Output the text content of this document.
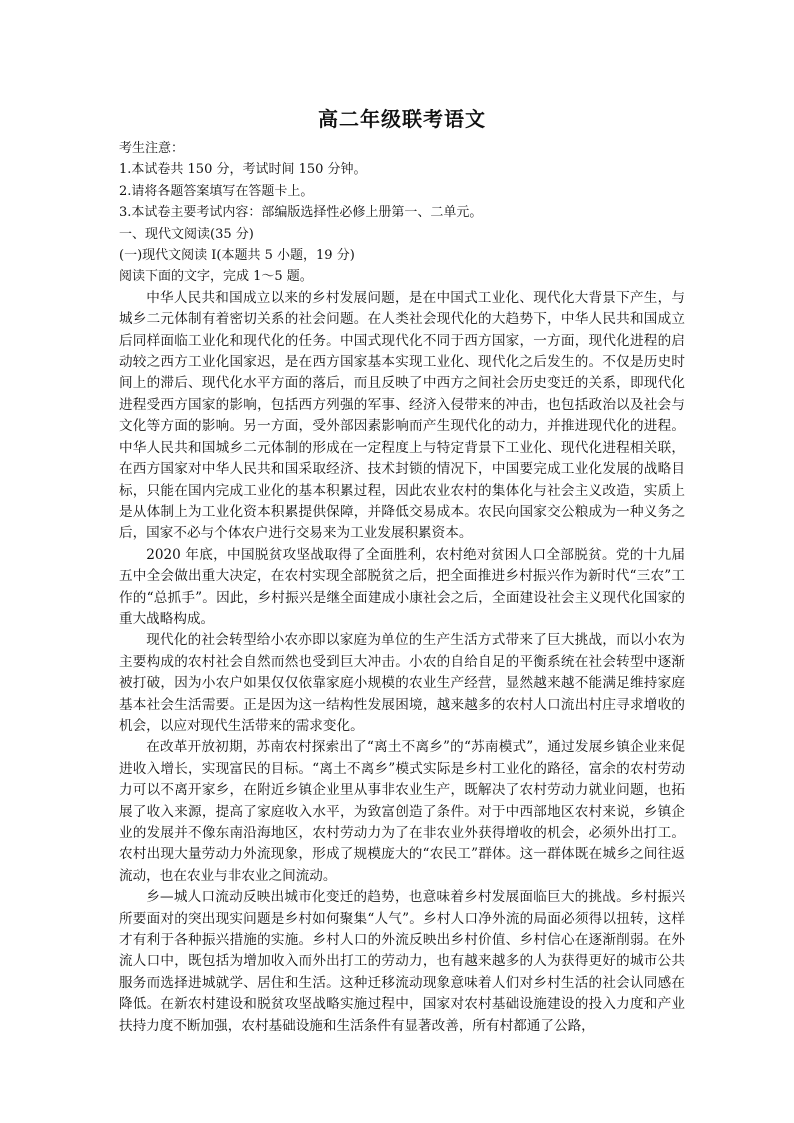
高二年级联考语文

考生注意：

1.本试卷共 150 分，考试时间 150 分钟。

2.请将各题答案填写在答题卡上。

3.本试卷主要考试内容：部编版选择性必修上册第一、二单元。

一、现代文阅读(35 分)

(一)现代文阅读 I(本题共 5 小题，19 分)

阅读下面的文字，完成 1～5 题。

中华人民共和国成立以来的乡村发展问题，是在中国式工业化、现代化大背景下产生，与城乡二元体制有着密切关系的社会问题。在人类社会现代化的大趋势下，中华人民共和国成立后同样面临工业化和现代化的任务。中国式现代化不同于西方国家，一方面，现代化进程的启动较之西方工业化国家迟，是在西方国家基本实现工业化、现代化之后发生的。不仅是历史时间上的滞后、现代化水平方面的落后，而且反映了中西方之间社会历史变迁的关系，即现代化进程受西方国家的影响，包括西方列强的军事、经济入侵带来的冲击，也包括政治以及社会与文化等方面的影响。另一方面，受外部因素影响而产生现代化的动力，并推进现代化的进程。中华人民共和国城乡二元体制的形成在一定程度上与特定背景下工业化、现代化进程相关联，在西方国家对中华人民共和国采取经济、技术封锁的情况下，中国要完成工业化发展的战略目标，只能在国内完成工业化的基本积累过程，因此农业农村的集体化与社会主义改造，实质上是从体制上为工业化资本积累提供保障，并降低交易成本。农民向国家交公粮成为一种义务之后，国家不必与个体农户进行交易来为工业发展积累资本。

2020 年底，中国脱贫攻坚战取得了全面胜利，农村绝对贫困人口全部脱贫。党的十九届五中全会做出重大决定，在农村实现全部脱贫之后，把全面推进乡村振兴作为新时代“三农”工作的“总抓手”。因此，乡村振兴是继全面建成小康社会之后，全面建设社会主义现代化国家的重大战略构成。

现代化的社会转型给小农亦即以家庭为单位的生产生活方式带来了巨大挑战，而以小农为主要构成的农村社会自然而然也受到巨大冲击。小农的自给自足的平衡系统在社会转型中逐渐被打破，因为小农户如果仅仅依靠家庭小规模的农业生产经营，显然越来越不能满足维持家庭基本社会生活需要。正是因为这一结构性发展困境，越来越多的农村人口流出村庄寻求增收的机会，以应对现代生活带来的需求变化。

在改革开放初期，苏南农村探索出了“离土不离乡”的“苏南模式”，通过发展乡镇企业来促进收入增长，实现富民的目标。“离土不离乡”模式实际是乡村工业化的路径，富余的农村劳动力可以不离开家乡，在附近乡镇企业里从事非农业生产，既解决了农村劳动力就业问题，也拓展了收入来源，提高了家庭收入水平，为致富创造了条件。对于中西部地区农村来说，乡镇企业的发展并不像东南沿海地区，农村劳动力为了在非农业外获得增收的机会，必须外出打工。农村出现大量劳动力外流现象，形成了规模庞大的“农民工”群体。这一群体既在城乡之间往返流动，也在农业与非农业之间流动。

乡—城人口流动反映出城市化变迁的趋势，也意味着乡村发展面临巨大的挑战。乡村振兴所要面对的突出现实问题是乡村如何聚集“人气”。乡村人口净外流的局面必须得以扭转，这样才有利于各种振兴措施的实施。乡村人口的外流反映出乡村价值、乡村信心在逐渐削弱。在外流人口中，既包括为增加收入而外出打工的劳动力，也有越来越多的人为获得更好的城市公共服务而选择进城就学、居住和生活。这种迁移流动现象意味着人们对乡村生活的社会认同感在降低。在新农村建设和脱贫攻坚战略实施过程中，国家对农村基础设施建设的投入力度和产业扶持力度不断加强，农村基础设施和生活条件有显著改善，所有村都通了公路，
